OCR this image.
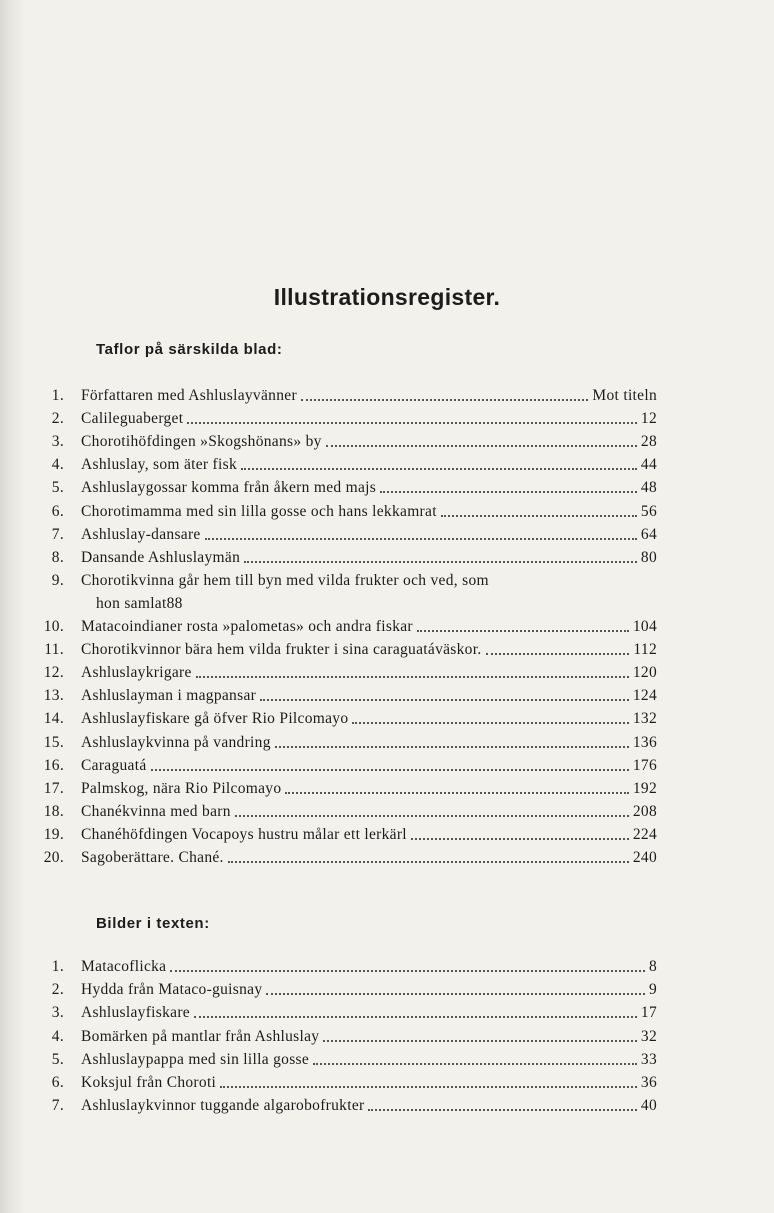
Illustrationsregister.
Taflor på särskilda blad:
1. Författaren med Ashluslayvänner	Mot titeln
2. Calileguaberget	12
3. Chorotihöfdingen »Skogshönans» by	28
4. Ashluslay, som äter fisk	44
5. Ashluslaygossar komma från åkern med majs	48
6. Chorotimamma med sin lilla gosse och hans lekkamrat	56
7. Ashluslay-dansare	64
8. Dansande Ashluslaymän	80
9. Chorotikvinna går hem till byn med vilda frukter och ved, som
hon samlat 88
10. Matacoindianer rosta »palometas» och andra fiskar	104
11. Chorotikvinnor bära hem vilda frukter i sina caraguatáväskor.	112
12. Ashluslaykrigare	120
13. Ashluslayman i magpansar	124
14. Ashluslayfiskare gå öfver Rio Pilcomayo	132
15. Ashluslaykvinna på vandring	136
16. Caraguatá	176
17. Palmskog, nära Rio Pilcomayo	192
18. Chanékvinna med barn	208
19. Chanéhöfdingen Vocapoys hustru målar ett lerkärl	224
20. Sagoberättare. Chané.	240
Bilder i texten:
1. Matacoflicka	8
2. Hydda från Mataco-guisnay	9
3. Ashluslayfiskare	17
4. Bomärken på mantlar från Ashluslay	32
5. Ashluslaypappa med sin lilla gosse	33
6. Koksjul från Choroti	36
7. Ashluslaykvinnor tuggande algarobofrukter	40
